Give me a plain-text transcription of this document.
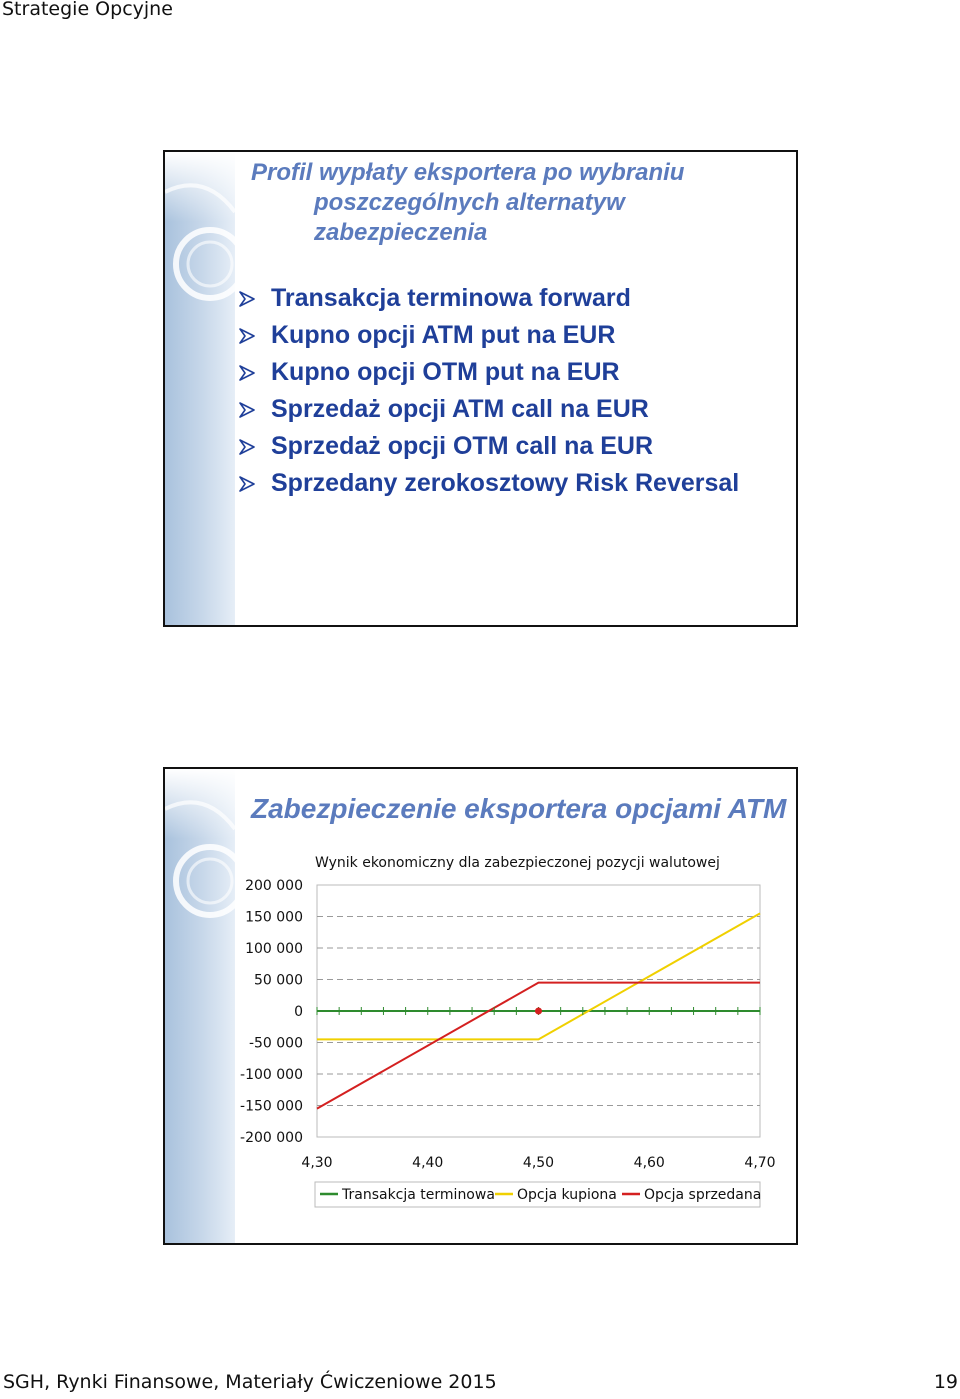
Strategie Opcyjne
Profil wypłaty eksportera po wybraniu
poszczególnych alternatyw
zabezpieczenia
Transakcja terminowa forward
Kupno opcji ATM put na EUR
Kupno opcji OTM put na EUR
Sprzedaż opcji ATM call na EUR
Sprzedaż opcji OTM call na EUR
Sprzedany zerokosztowy Risk Reversal
Zabezpieczenie eksportera opcjami ATM
200 000
150 000
100 000
50 000
0
-50 000
-100 000
-150 000
-200 000
4,30	4,40	4,50	4,60	4,70
Wynik ekonomiczny dla zabezpieczonej pozycji walutowej
Transakcja terminowa Opcja kupiona Opcja sprzedana
SGH, Rynki Finansowe, Materiały Ćwiczeniowe 2015	19
